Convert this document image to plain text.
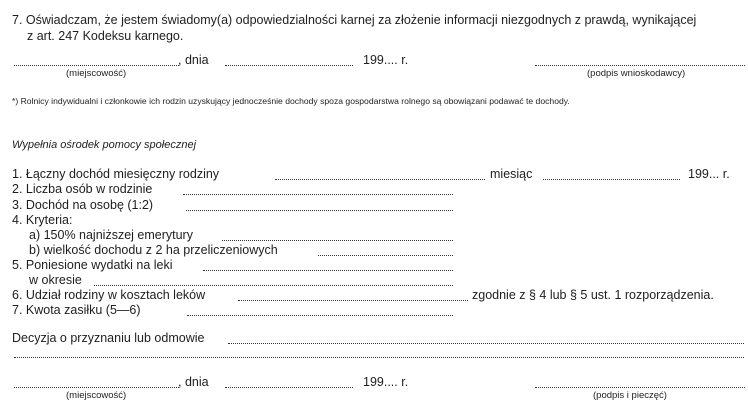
7. Oświadczam, że jestem świadomy(a) odpowiedzialności karnej za złożenie informacji niezgodnych z prawdą, wynikającej
z art. 247 Kodeksu karnego.
, dnia	199.... r.
(miejscowość)	(podpis wnioskodawcy)
*) Rolnicy indywidualni i członkowie ich rodzin uzyskujący jednocześnie dochody spoza gospodarstwa rolnego są obowiązani podawać te dochody.
Wypełnia ośrodek pomocy społecznej
1. Łączny dochód miesięczny rodziny	miesiąc	199... r.
2. Liczba osób w rodzinie
3. Dochód na osobę (1:2)
4. Kryteria:
a) 150% najniższej emerytury
b) wielkość dochodu z 2 ha przeliczeniowych
5. Poniesione wydatki na leki
w okresie
6. Udział rodziny w kosztach leków	zgodnie z § 4 lub § 5 ust. 1 rozporządzenia.
7. Kwota zasiłku (5—6)
Decyzja o przyznaniu lub odmowie
, dnia	199.... r.
(miejscowość)	(podpis i pieczęć)
